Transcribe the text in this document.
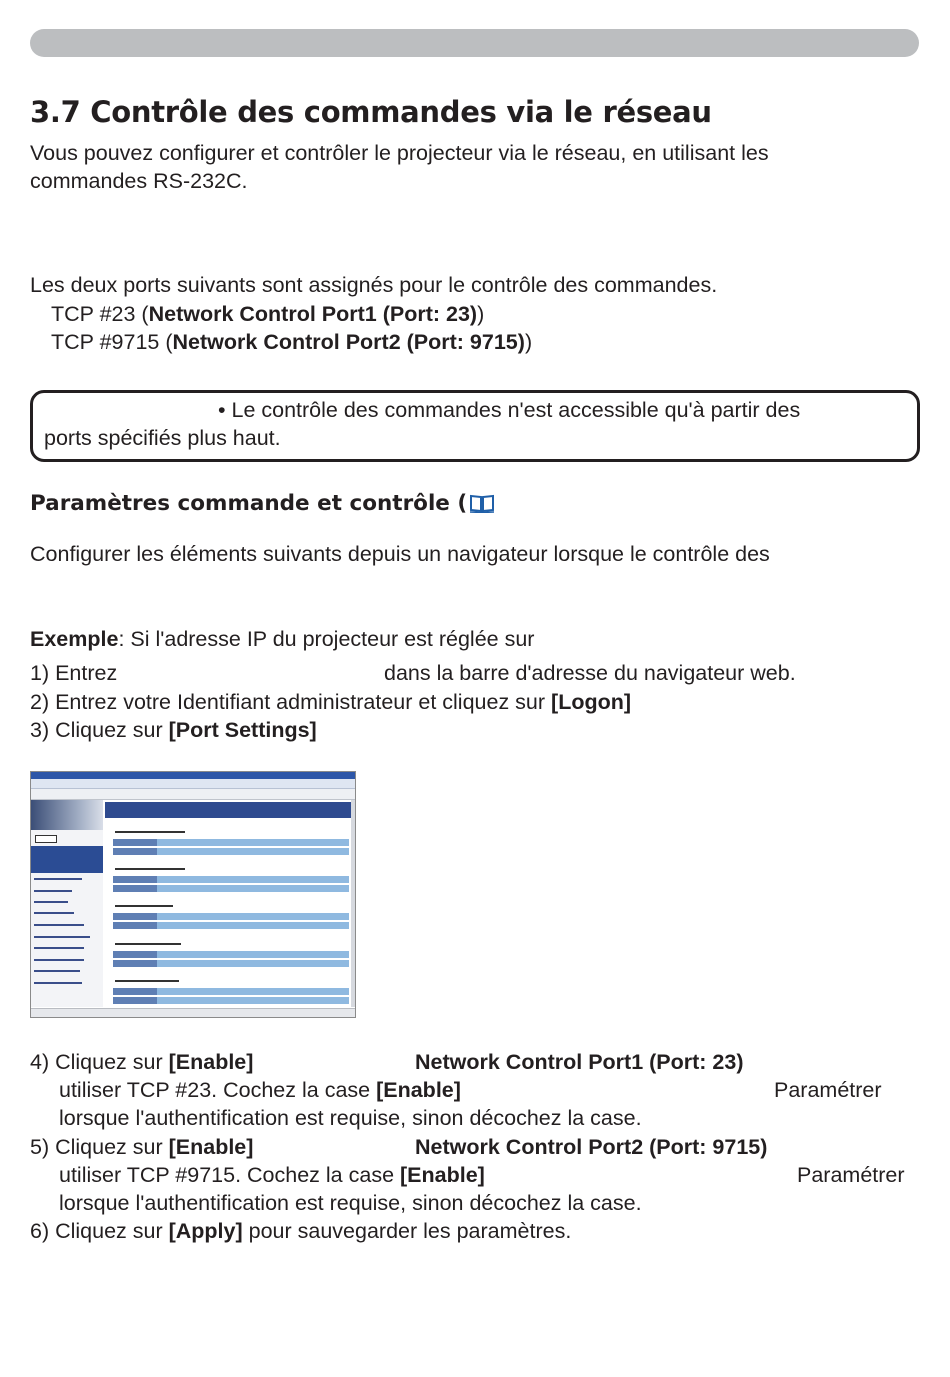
3.7 Contrôle des commandes via le réseau
Vous pouvez configurer et contrôler le projecteur via le réseau, en utilisant les
commandes RS-232C.
Les deux ports suivants sont assignés pour le contrôle des commandes.
TCP #23 (Network Control Port1 (Port: 23))
TCP #9715 (Network Control Port2 (Port: 9715))
• Le contrôle des commandes n'est accessible qu'à partir des
ports spécifiés plus haut.
Paramètres commande et contrôle (
Configurer les éléments suivants depuis un navigateur lorsque le contrôle des
Exemple: Si l'adresse IP du projecteur est réglée sur
1) Entrez	dans la barre d'adresse du navigateur web.
2) Entrez votre Identifiant administrateur et cliquez sur [Logon]
3) Cliquez sur [Port Settings]
4) Cliquez sur [Enable]	Network Control Port1 (Port: 23)
utiliser TCP #23. Cochez la case [Enable]	Paramétrer
lorsque l'authentification est requise, sinon décochez la case.
5) Cliquez sur [Enable]	Network Control Port2 (Port: 9715)
utiliser TCP #9715. Cochez la case [Enable]	Paramétrer
lorsque l'authentification est requise, sinon décochez la case.
6) Cliquez sur [Apply] pour sauvegarder les paramètres.
